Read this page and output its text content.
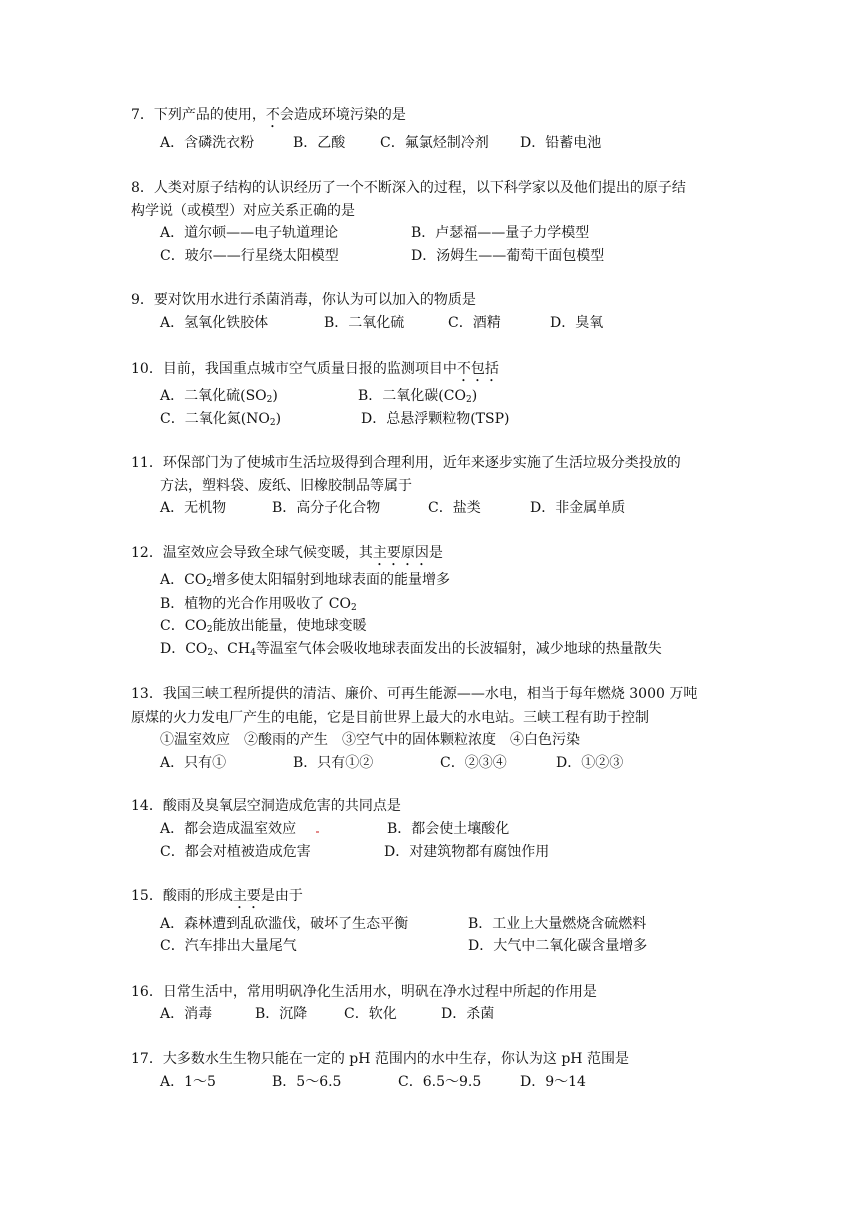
7．下列产品的使用，不会造成环境污染的是
A．含磷洗衣粉	B．乙酸 C．氟氯烃制冷剂 D．铅蓄电池
8．人类对原子结构的认识经历了一个不断深入的过程，以下科学家以及他们提出的原子结
构学说（或模型）对应关系正确的是
A．道尔顿——电子轨道理论	B．卢瑟福——量子力学模型
C．玻尔——行星绕太阳模型	D．汤姆生——葡萄干面包模型
9．要对饮用水进行杀菌消毒，你认为可以加入的物质是
A．氢氧化铁胶体	B．二氧化硫	C．酒精	D．臭氧
10．目前，我国重点城市空气质量日报的监测项目中不包括
A．二氧化硫$(SO_2)$	B．二氧化碳$(CO_2)$
C．二氧化氮$(NO_2)$	D．总悬浮颗粒物(TSP)
11．环保部门为了使城市生活垃圾得到合理利用，近年来逐步实施了生活垃圾分类投放的
方法，塑料袋、废纸、旧橡胶制品等属于
A．无机物	B．高分子化合物	C．盐类	D．非金属单质
12．温室效应会导致全球气候变暖，其主要原因是
A．$CO_2$增多使太阳辐射到地球表面的能量增多
B．植物的光合作用吸收了 $CO_2$
C．$CO_2$能放出能量，使地球变暖
D．$CO_2$、$CH_4$等温室气体会吸收地球表面发出的长波辐射，减少地球的热量散失
13．我国三峡工程所提供的清洁、廉价、可再生能源——水电，相当于每年燃烧 3000 万吨
原煤的火力发电厂产生的电能，它是目前世界上最大的水电站。三峡工程有助于控制
①温室效应　②酸雨的产生　③空气中的固体颗粒浓度　④白色污染
A．只有①	B．只有①②	C．②③④	D．①②③
14．酸雨及臭氧层空洞造成危害的共同点是
A．都会造成温室效应	B．都会使土壤酸化
C．都会对植被造成危害	D．对建筑物都有腐蚀作用
15．酸雨的形成主要是由于
A．森林遭到乱砍滥伐，破坏了生态平衡	B．工业上大量燃烧含硫燃料
C．汽车排出大量尾气	D．大气中二氧化碳含量增多
16．日常生活中，常用明矾净化生活用水，明矾在净水过程中所起的作用是
A．消毒	B．沉降	C．软化	D．杀菌
17．大多数水生生物只能在一定的 pH 范围内的水中生存，你认为这 pH 范围是
A．1～5	B．5～6.5	C．6.5～9.5	D．9～14
